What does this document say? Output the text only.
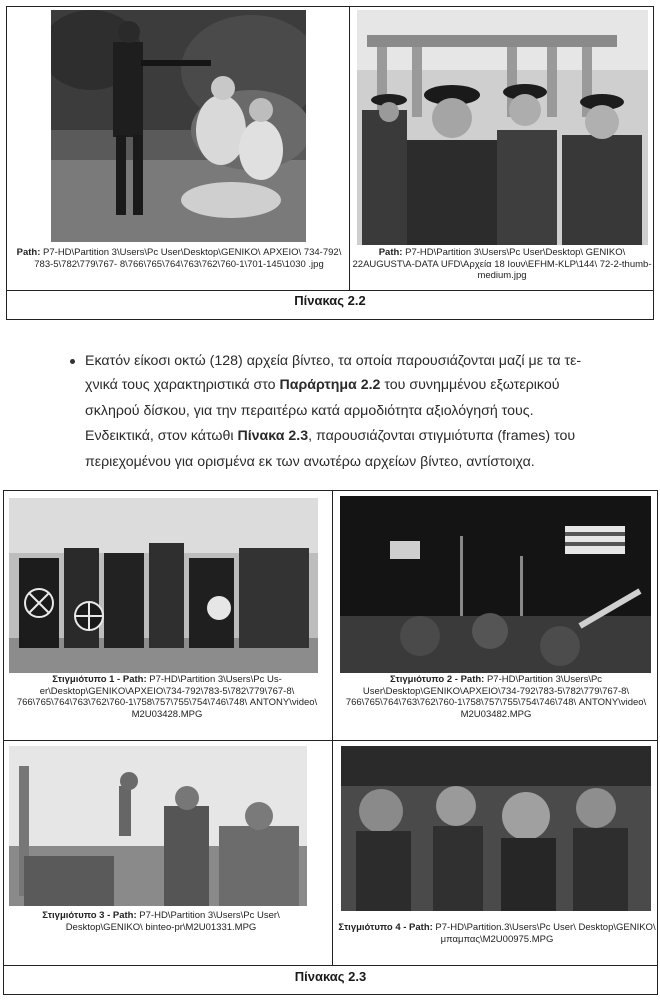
Path: P7-HD\Partition 3\Users\Pc User\Desktop\GENIKO\ ΑΡΧΕΙΟ\ 734-792\ 783-5\782\779\767- 8\766\765\764\763\762\760-1\701-145\1030 .jpg
Path: P7-HD\Partition 3\Users\Pc User\Desktop\ GENIKO\ 22AUGUST\A-DATA UFD\Αρχεία 18 Ιουν\EFHM-KLP\144\ 72-2-thumb-medium.jpg
Πίνακας 2.2
Εκατόν είκοσι οκτώ (128) αρχεία βίντεο, τα οποία παρουσιάζονται μαζί με τα τε-
χνικά τους χαρακτηριστικά στο Παράρτημα 2.2 του συνημμένου εξωτερικού
σκληρού δίσκου, για την περαιτέρω κατά αρμοδιότητα αξιολόγησή τους.
Ενδεικτικά, στον κάτωθι Πίνακα 2.3, παρουσιάζονται στιγμιότυπα (frames) του
περιεχομένου για ορισμένα εκ των ανωτέρω αρχείων βίντεο, αντίστοιχα.
Στιγμιότυπο 1 - Path: P7-HD\Partition 3\Users\Pc Us- er\Desktop\GENIKO\ΑΡΧΕΙΟ\734-792\783-5\782\779\767-8\ 766\765\764\763\762\760-1\758\757\755\754\746\748\ ANTONY\video\ M2U03428.MPG
Στιγμιότυπο 2 - Path: P7-HD\Partition 3\Users\Pc User\Desktop\GENIKO\ΑΡΧΕΙΟ\734-792\783-5\782\779\767-8\ 766\765\764\763\762\760-1\758\757\755\754\746\748\ ANTONY\video\ M2U03482.MPG
Στιγμιότυπο 3 - Path: P7-HD\Partition 3\Users\Pc User\ Desktop\GENIKO\ binteo-pr\M2U01331.MPG	Στιγμιότυπο 4 - Path: P7-HD\Partition.3\Users\Pc User\ Desktop\GENIKO\ μπαμπας\M2U00975.MPG
Πίνακας 2.3
